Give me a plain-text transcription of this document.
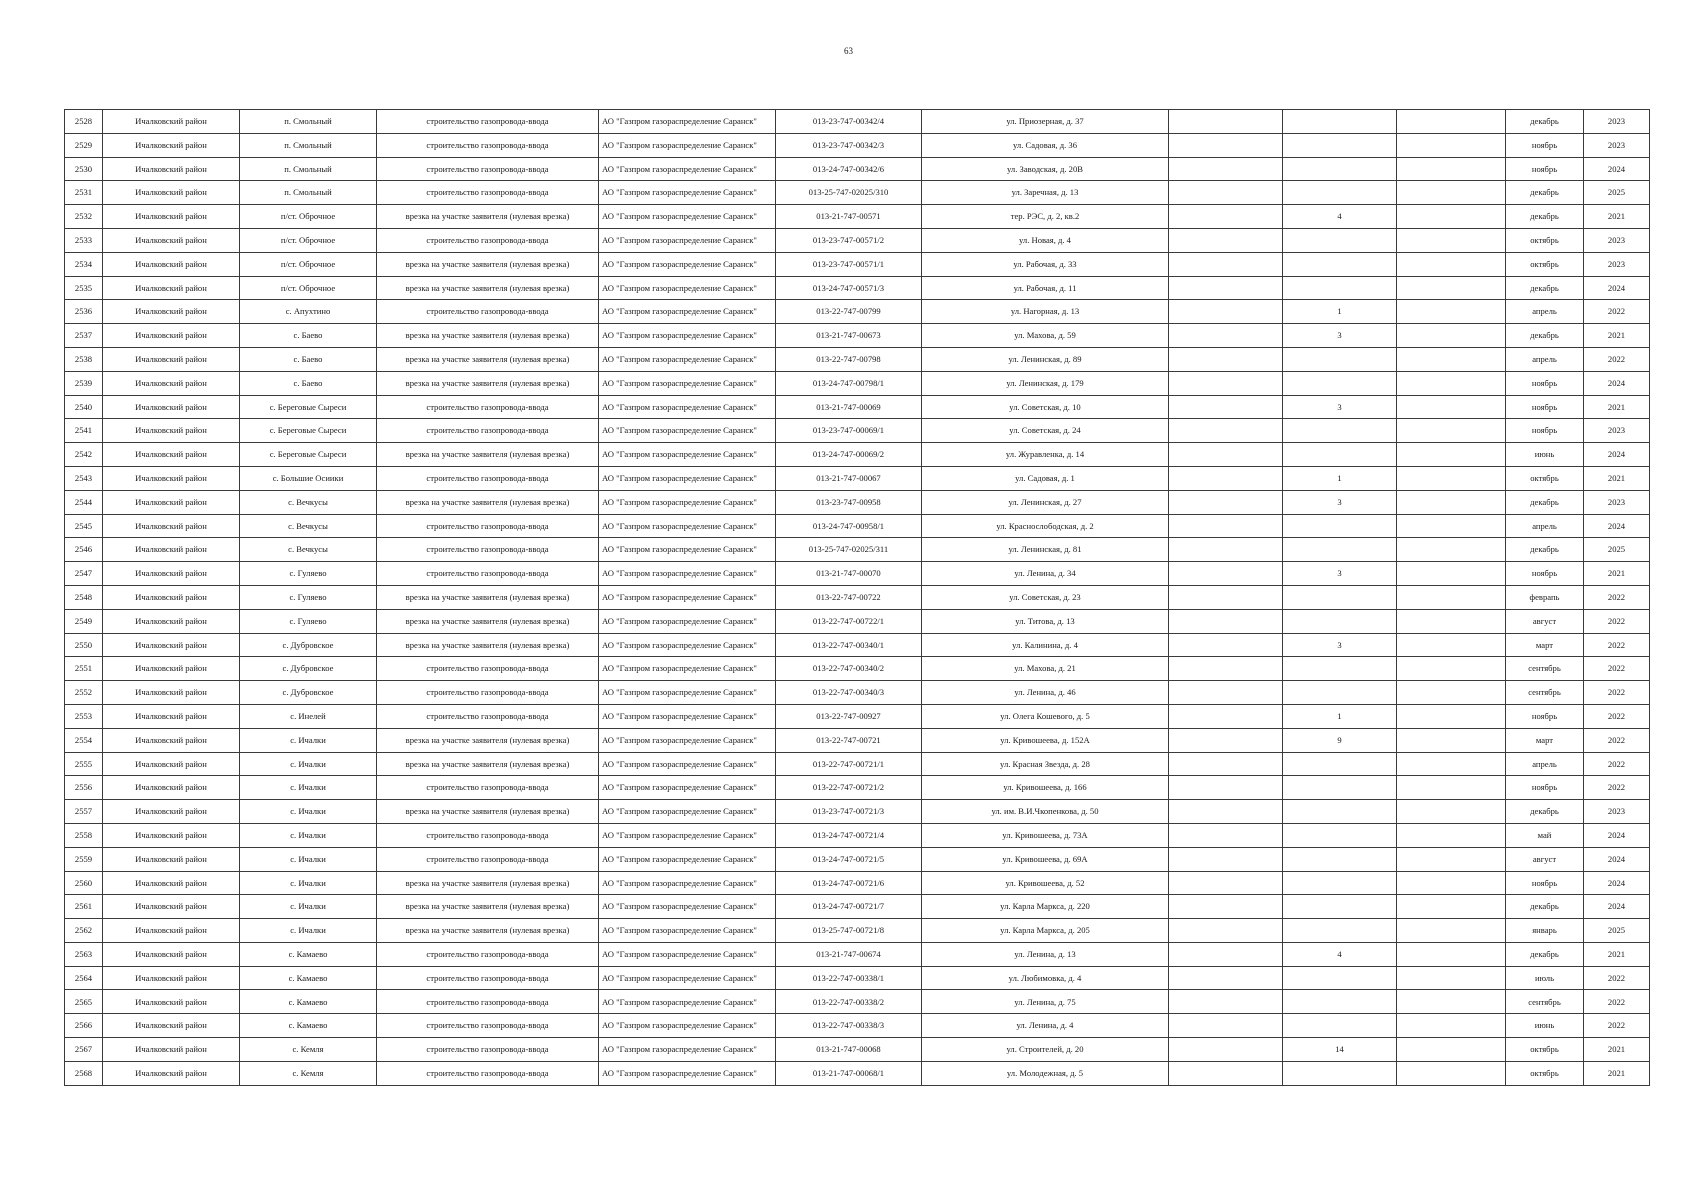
63
2528	Ичалковский район	п. Смольный	строительство газопровода-ввода	АО "Газпром газораспределение Саранск"	013-23-747-00342/4	ул. Приозерная, д. 37				декабрь	2023
2529	Ичалковский район	п. Смольный	строительство газопровода-ввода	АО "Газпром газораспределение Саранск"	013-23-747-00342/3	ул. Садовая, д. 36				ноябрь	2023
2530	Ичалковский район	п. Смольный	строительство газопровода-ввода	АО "Газпром газораспределение Саранск"	013-24-747-00342/6	ул. Заводская, д. 20В				ноябрь	2024
2531	Ичалковский район	п. Смольный	строительство газопровода-ввода	АО "Газпром газораспределение Саранск"	013-25-747-02025/310	ул. Заречная, д. 13				декабрь	2025
2532	Ичалковский район	п/ст. Оброчное	врезка на участке заявителя (нулевая врезка)	АО "Газпром газораспределение Саранск"	013-21-747-00571	тер. РЭС, д. 2, кв.2		4		декабрь	2021
2533	Ичалковский район	п/ст. Оброчное	строительство газопровода-ввода	АО "Газпром газораспределение Саранск"	013-23-747-00571/2	ул. Новая, д. 4				октябрь	2023
2534	Ичалковский район	п/ст. Оброчное	врезка на участке заявителя (нулевая врезка)	АО "Газпром газораспределение Саранск"	013-23-747-00571/1	ул. Рабочая, д. 33				октябрь	2023
2535	Ичалковский район	п/ст. Оброчное	врезка на участке заявителя (нулевая врезка)	АО "Газпром газораспределение Саранск"	013-24-747-00571/3	ул. Рабочая, д. 11				декабрь	2024
2536	Ичалковский район	с. Апухтино	строительство газопровода-ввода	АО "Газпром газораспределение Саранск"	013-22-747-00799	ул. Нагорная, д. 13		1		апрель	2022
2537	Ичалковский район	с. Баево	врезка на участке заявителя (нулевая врезка)	АО "Газпром газораспределение Саранск"	013-21-747-00673	ул. Махова, д. 59		3		декабрь	2021
2538	Ичалковский район	с. Баево	врезка на участке заявителя (нулевая врезка)	АО "Газпром газораспределение Саранск"	013-22-747-00798	ул. Ленинская, д. 89				апрель	2022
2539	Ичалковский район	с. Баево	врезка на участке заявителя (нулевая врезка)	АО "Газпром газораспределение Саранск"	013-24-747-00798/1	ул. Ленинская, д. 179				ноябрь	2024
2540	Ичалковский район	с. Береговые Сыреси	строительство газопровода-ввода	АО "Газпром газораспределение Саранск"	013-21-747-00069	ул. Советская, д. 10		3		ноябрь	2021
2541	Ичалковский район	с. Береговые Сыреси	строительство газопровода-ввода	АО "Газпром газораспределение Саранск"	013-23-747-00069/1	ул. Советская, д. 24				ноябрь	2023
2542	Ичалковский район	с. Береговые Сыреси	врезка на участке заявителя (нулевая врезка)	АО "Газпром газораспределение Саранск"	013-24-747-00069/2	ул. Журавленка, д. 14				июнь	2024
2543	Ичалковский район	с. Большие Осиики	строительство газопровода-ввода	АО "Газпром газораспределение Саранск"	013-21-747-00067	ул. Садовая, д. 1		1		октябрь	2021
2544	Ичалковский район	с. Вечкусы	врезка на участке заявителя (нулевая врезка)	АО "Газпром газораспределение Саранск"	013-23-747-00958	ул. Ленинская, д. 27		3		декабрь	2023
2545	Ичалковский район	с. Вечкусы	строительство газопровода-ввода	АО "Газпром газораспределение Саранск"	013-24-747-00958/1	ул. Краснослободская, д. 2				апрель	2024
2546	Ичалковский район	с. Вечкусы	строительство газопровода-ввода	АО "Газпром газораспределение Саранск"	013-25-747-02025/311	ул. Ленинская, д. 81				декабрь	2025
2547	Ичалковский район	с. Гуляево	строительство газопровода-ввода	АО "Газпром газораспределение Саранск"	013-21-747-00070	ул. Ленина, д. 34		3		ноябрь	2021
2548	Ичалковский район	с. Гуляево	врезка на участке заявителя (нулевая врезка)	АО "Газпром газораспределение Саранск"	013-22-747-00722	ул. Советская, д. 23				феврапь	2022
2549	Ичалковский район	с. Гуляево	врезка на участке заявителя (нулевая врезка)	АО "Газпром газораспределение Саранск"	013-22-747-00722/1	ул. Титова, д. 13				август	2022
2550	Ичалковский район	с. Дубровское	врезка на участке заявителя (нулевая врезка)	АО "Газпром газораспределение Саранск"	013-22-747-00340/1	ул. Калинина, д. 4		3		март	2022
2551	Ичалковский район	с. Дубровское	строительство газопровода-ввода	АО "Газпром газораспределение Саранск"	013-22-747-00340/2	ул. Махова, д. 21				сентябрь	2022
2552	Ичалковский район	с. Дубровское	строительство газопровода-ввода	АО "Газпром газораспределение Саранск"	013-22-747-00340/3	ул. Ленина, д. 46				сентябрь	2022
2553	Ичалковский район	с. Инелей	строительство газопровода-ввода	АО "Газпром газораспределение Саранск"	013-22-747-00927	ул. Олега Кошевого, д. 5		1		ноябрь	2022
2554	Ичалковский район	с. Ичалки	врезка на участке заявителя (нулевая врезка)	АО "Газпром газораспределение Саранск"	013-22-747-00721	ул. Кривошеева, д. 152А		9		март	2022
2555	Ичалковский район	с. Ичалки	врезка на участке заявителя (нулевая врезка)	АО "Газпром газораспределение Саранск"	013-22-747-00721/1	ул. Красная Звезда, д. 28				апрель	2022
2556	Ичалковский район	с. Ичалки	строительство газопровода-ввода	АО "Газпром газораспределение Саранск"	013-22-747-00721/2	ул. Кривошеева, д. 166				ноябрь	2022
2557	Ичалковский район	с. Ичалки	врезка на участке заявителя (нулевая врезка)	АО "Газпром газораспределение Саранск"	013-23-747-00721/3	ул. им. В.И.Чкопенкова, д. 50				декабрь	2023
2558	Ичалковский район	с. Ичалки	строительство газопровода-ввода	АО "Газпром газораспределение Саранск"	013-24-747-00721/4	ул. Кривошеева, д. 73А				май	2024
2559	Ичалковский район	с. Ичалки	строительство газопровода-ввода	АО "Газпром газораспределение Саранск"	013-24-747-00721/5	ул. Кривошеева, д. 69А				август	2024
2560	Ичалковский район	с. Ичалки	врезка на участке заявителя (нулевая врезка)	АО "Газпром газораспределение Саранск"	013-24-747-00721/6	ул. Кривошеева, д. 52				ноябрь	2024
2561	Ичалковский район	с. Ичалки	врезка на участке заявителя (нулевая врезка)	АО "Газпром газораспределение Саранск"	013-24-747-00721/7	ул. Карла Маркса, д. 220				декабрь	2024
2562	Ичалковский район	с. Ичалки	врезка на участке заявителя (нулевая врезка)	АО "Газпром газораспределение Саранск"	013-25-747-00721/8	ул. Карла Маркса, д. 205				январь	2025
2563	Ичалковский район	с. Камаево	строительство газопровода-ввода	АО "Газпром газораспределение Саранск"	013-21-747-00674	ул. Ленина, д. 13		4		декабрь	2021
2564	Ичалковский район	с. Камаево	строительство газопровода-ввода	АО "Газпром газораспределение Саранск"	013-22-747-00338/1	ул. Любимовка, д. 4				июль	2022
2565	Ичалковский район	с. Камаево	строительство газопровода-ввода	АО "Газпром газораспределение Саранск"	013-22-747-00338/2	ул. Ленина, д. 75				сентябрь	2022
2566	Ичалковский район	с. Камаево	строительство газопровода-ввода	АО "Газпром газораспределение Саранск"	013-22-747-00338/3	ул. Ленина, д. 4				июнь	2022
2567	Ичалковский район	с. Кемля	строительство газопровода-ввода	АО "Газпром газораспределение Саранск"	013-21-747-00068	ул. Строителей, д. 20		14		октябрь	2021
2568	Ичалковский район	с. Кемля	строительство газопровода-ввода	АО "Газпром газораспределение Саранск"	013-21-747-00068/1	ул. Молодежная, д. 5				октябрь	2021
